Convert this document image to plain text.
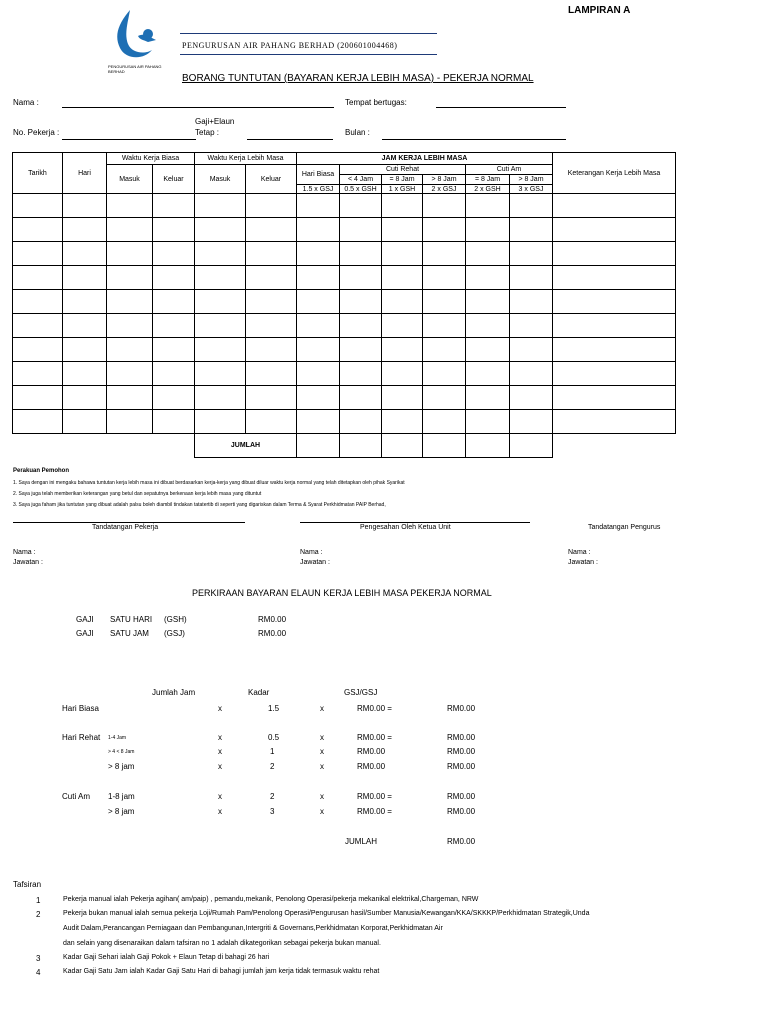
LAMPIRAN A
PENGURUSAN AIR PAHANG BERHAD
PENGURUSAN AIR PAHANG BERHAD (200601004468)
BORANG TUNTUTAN (BAYARAN KERJA LEBIH MASA) - PEKERJA NORMAL
Nama :	Tempat bertugas:
Gaji+Elaun
Tetap :
No. Pekerja :	Bulan :
Tarikh	Hari	Waktu Kerja Biasa		Waktu Kerja Lebih Masa		JAM KERJA LEBIH MASA						Keterangan Kerja Lebih Masa
		Masuk	Keluar	Masuk	Keluar	Hari Biasa	Cuti Rehat			Cuti Am		
							< 4 Jam	= 8 Jam	> 8 Jam	= 8 Jam	> 8 Jam	
						1.5 x GSJ	0.5 x GSH	1 x GSH	2 x GSJ	2 x GSH	3 x GSJ	

				JUMLAH								
Perakuan Pemohon
1. Saya dengan ini mengaku bahawa tuntutan kerja lebih masa ini dibuat berdasarkan kerja-kerja yang dibuat diluar waktu kerja normal yang telah ditetapkan oleh pihak Syarikat
2. Saya juga telah memberikan keterangan yang betul dan sepatutnya berkenaan kerja lebih masa yang dituntut
3. Saya juga faham jika tuntutan yang dibuat adalah palsu boleh diambil tindakan tatatertib di seperti yang digariskan dalam Terma & Syarat Perkhidmatan PAIP Berhad,
Tandatangan Pekerja	Pengesahan Oleh Ketua Unit	Tandatangan Pengurus
Nama :
Jawatan :
Nama :
Jawatan :
Nama :
Jawatan :
PERKIRAAN BAYARAN ELAUN KERJA LEBIH MASA PEKERJA NORMAL
GAJI SATU HARI (GSH)	RM0.00
GAJI SATU JAM (GSJ)	RM0.00
Jumlah Jam	Kadar	GSJ/GSJ
Hari Biasa	x	1.5	x	RM0.00 =	RM0.00
Hari Rehat 1-4 Jam	x	0.5	x	RM0.00 =	RM0.00
> 4 < 8 Jam	x	1	x	RM0.00	RM0.00
> 8 jam	x	2	x	RM0.00	RM0.00
Cuti Am 1-8 jam	x	2	x	RM0.00 =	RM0.00
> 8 jam	x	3	x	RM0.00 =	RM0.00
JUMLAH	RM0.00
Tafsiran
1	Pekerja manual ialah Pekerja agihan( am/paip) , pemandu,mekanik, Penolong Operasi/pekerja mekanikal elektrikal,Chargeman, NRW
2	Pekerja bukan manual ialah semua pekerja Loji/Rumah Pam/Penolong Operasi/Pengurusan hasil/Sumber Manusia/Kewangan/KKA/SKKKP/Perkhidmatan Strategik,Unda
Audit Dalam,Perancangan Perniagaan dan Pembangunan,Intergriti & Governans,Perkhidmatan Korporat,Perkhidmatan Air
dan selain yang disenaraikan dalam tafsiran no 1 adalah dikategorikan sebagai pekerja bukan manual.
3	Kadar Gaji Sehari ialah Gaji Pokok + Elaun Tetap di bahagi 26 hari
4	Kadar Gaji Satu Jam ialah Kadar Gaji Satu Hari di bahagi jumlah jam kerja tidak termasuk waktu rehat
